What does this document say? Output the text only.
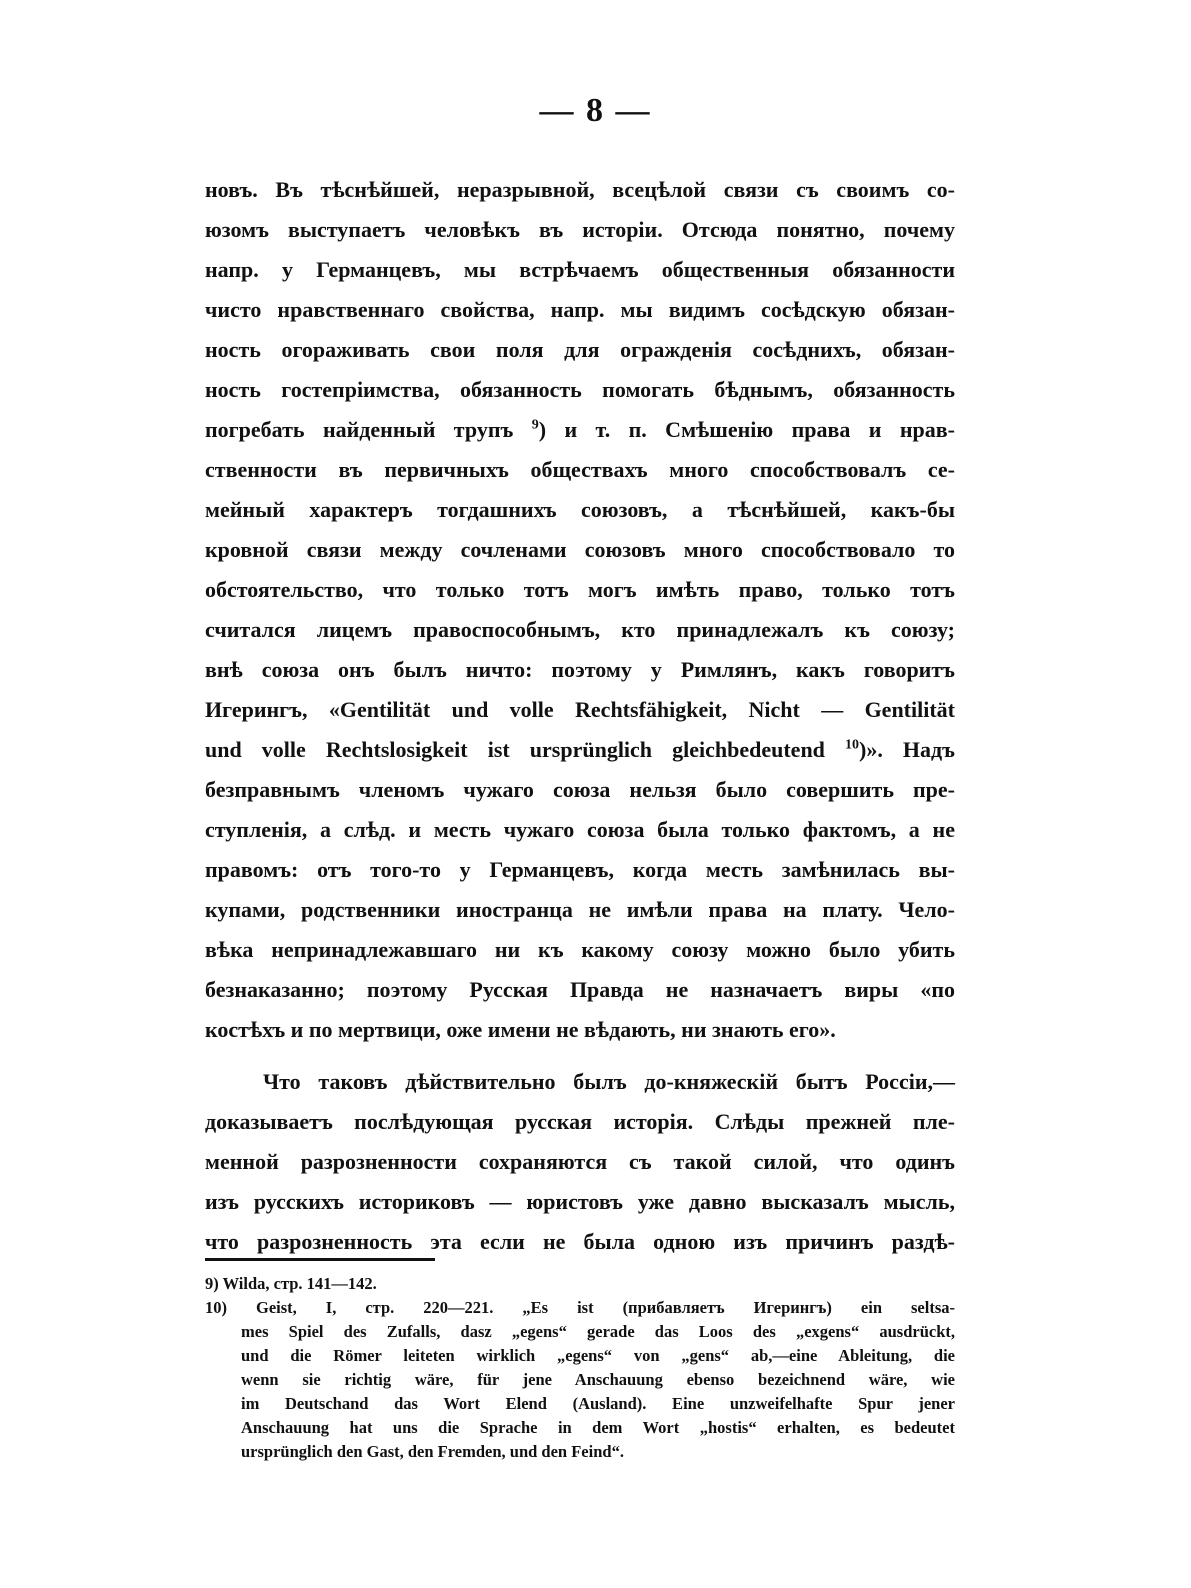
— 8 —
новъ. Въ тѣснѣйшей, неразрывной, всецѣлой связи съ своимъ со-
юзомъ выступаетъ человѣкъ въ исторіи. Отсюда понятно, почему
напр. у Германцевъ, мы встрѣчаемъ общественныя обязанности
чисто нравственнаго свойства, напр. мы видимъ сосѣдскую обязан-
ность огораживать свои поля для огражденія сосѣднихъ, обязан-
ность гостепріимства, обязанность помогать бѣднымъ, обязанность
погребать найденный трупъ $^9$) и т. п. Смѣшенію права и нрав-
ственности въ первичныхъ обществахъ много способствовалъ се-
мейный характеръ тогдашнихъ союзовъ, а тѣснѣйшей, какъ-бы
кровной связи между сочленами союзовъ много способствовало то
обстоятельство, что только тотъ могъ имѣть право, только тотъ
считался лицемъ правоспособнымъ, кто принадлежалъ къ союзу;
внѣ союза онъ былъ ничто: поэтому у Римлянъ, какъ говоритъ
Игерингъ, «Gentilität und volle Rechtsfähigkeit, Nicht — Gentilität
und volle Rechtslosigkeit ist ursprünglich gleichbedeutend $^{10}$)». Надъ
безправнымъ членомъ чужаго союза нельзя было совершить пре-
ступленія, а слѣд. и месть чужаго союза была только фактомъ, а не
правомъ: отъ того-то у Германцевъ, когда месть замѣнилась вы-
купами, родственники иностранца не имѣли права на плату. Чело-
вѣка непринадлежавшаго ни къ какому союзу можно было убить
безнаказанно; поэтому Русская Правда не назначаетъ виры «по
костѣхъ и по мертвици, оже имени не вѣдають, ни знають его».
Что таковъ дѣйствительно былъ до-княжескій бытъ Россіи,—
доказываетъ послѣдующая русская исторія. Слѣды прежней пле-
менной разрозненности сохраняются съ такой силой, что одинъ
изъ русскихъ историковъ — юристовъ уже давно высказалъ мысль,
что разрозненность эта если не была одною изъ причинъ раздѣ-
9) Wilda, стр. 141—142.
10) Geist, I, стр. 220—221. „Es ist (прибавляетъ Игерингъ) ein seltsa-
mes Spiel des Zufalls, dasz „egens“ gerade das Loos des „exgens“ ausdrückt,
und die Römer leiteten wirklich „egens“ von „gens“ ab,—eine Ableitung, die
wenn sie richtig wäre, für jene Anschauung ebenso bezeichnend wäre, wie
im Deutschand das Wort Elend (Ausland). Eine unzweifelhafte Spur jener
Anschauung hat uns die Sprache in dem Wort „hostis“ erhalten, es bedeutet
ursprünglich den Gast, den Fremden, und den Feind“.
